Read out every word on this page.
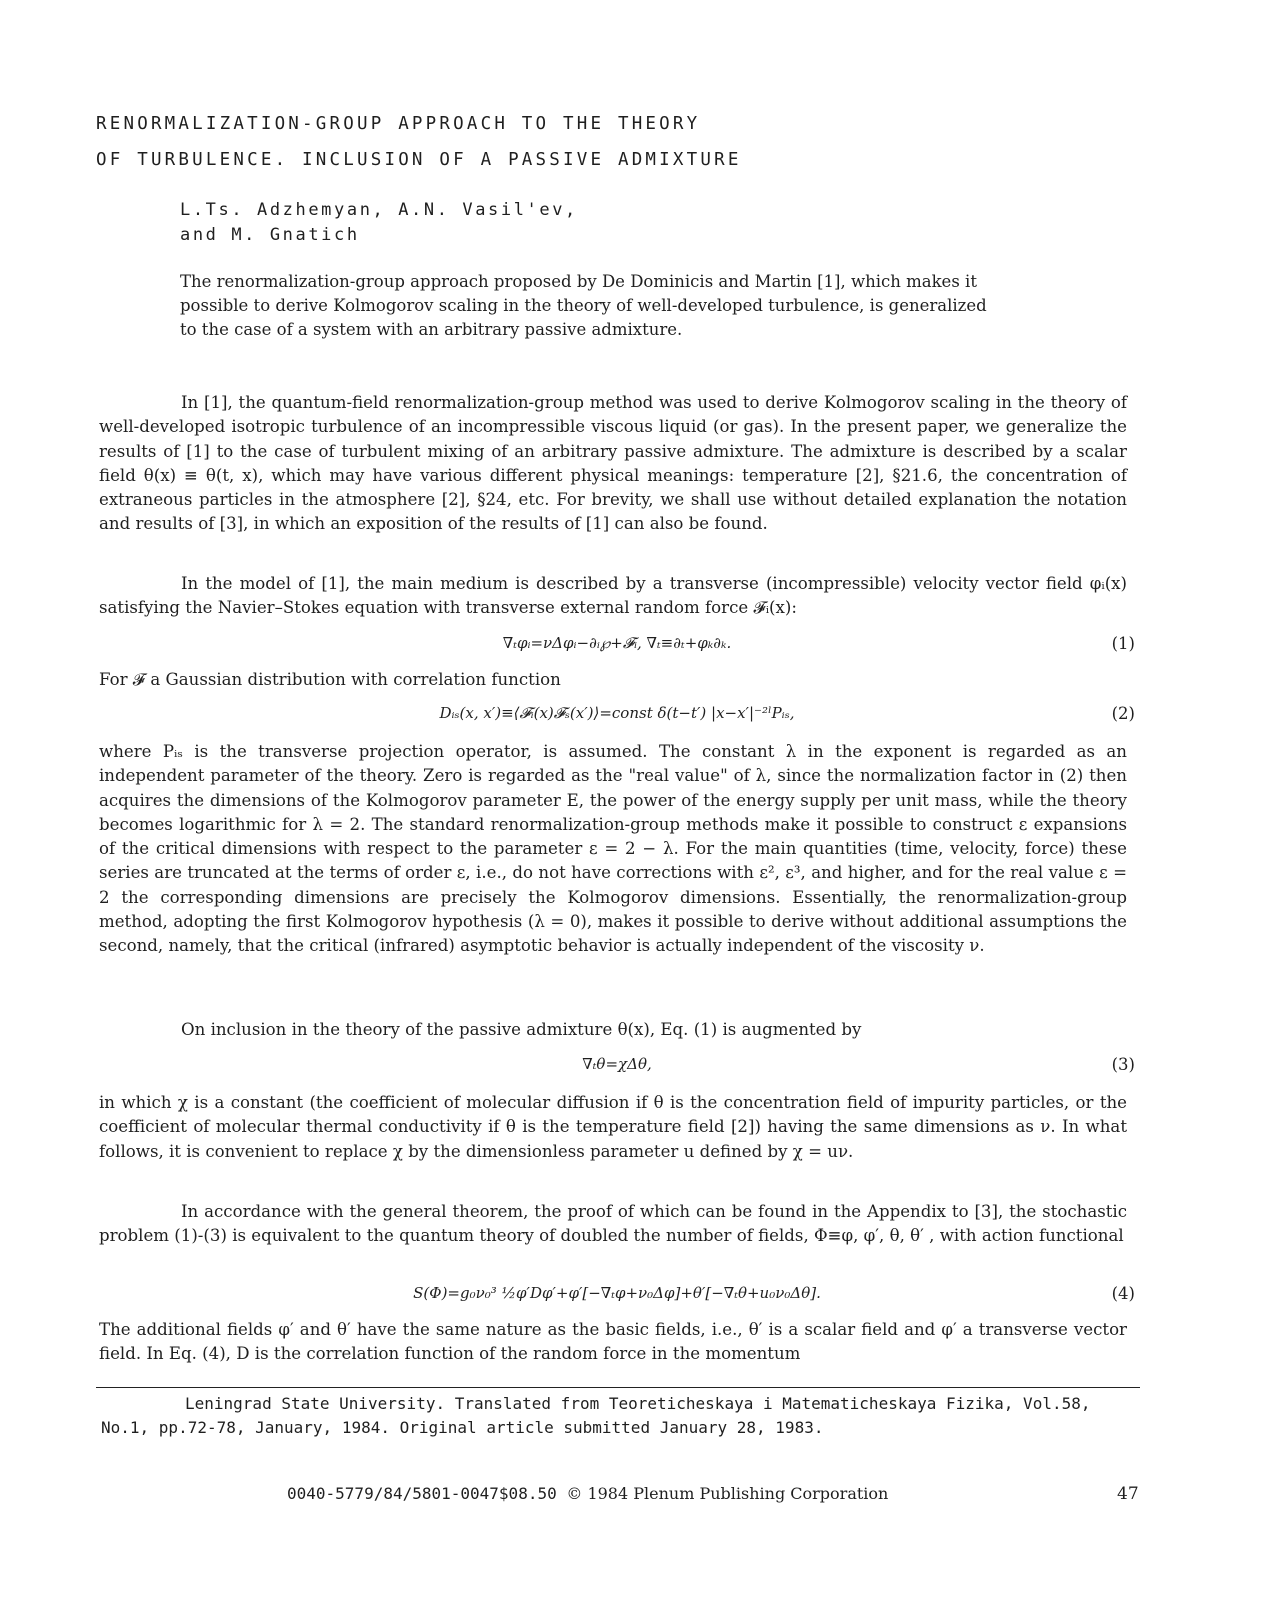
RENORMALIZATION-GROUP APPROACH TO THE THEORY
OF TURBULENCE. INCLUSION OF A PASSIVE ADMIXTURE
L.Ts. Adzhemyan, A.N. Vasil'ev,
and M. Gnatich

The renormalization-group approach proposed by De Dominicis and Martin [1], which makes it possible to derive Kolmogorov scaling in the theory of well-developed turbulence, is generalized to the case of a system with an arbitrary passive admixture.

In [1], the quantum-field renormalization-group method was used to derive Kolmogorov scaling in the theory of well-developed isotropic turbulence of an incompressible viscous liquid (or gas). In the present paper, we generalize the results of [1] to the case of turbulent mixing of an arbitrary passive admixture. The admixture is described by a scalar field θ(x) ≡ θ(t, x), which may have various different physical meanings: temperature [2], §21.6, the concentration of extraneous particles in the atmosphere [2], §24, etc. For brevity, we shall use without detailed explanation the notation and results of [3], in which an exposition of the results of [1] can also be found.

In the model of [1], the main medium is described by a transverse (incompressible) velocity vector field φᵢ(x) satisfying the Navier–Stokes equation with transverse external random force 𝓕ᵢ(x):

∇ₜφᵢ=νΔφᵢ−∂ᵢ℘+𝓕ᵢ, ∇ₜ≡∂ₜ+φₖ∂ₖ.	(1)

For 𝓕 a Gaussian distribution with correlation function

Dᵢₛ(x, x′)≡⟨𝓕ᵢ(x)𝓕ₛ(x′)⟩=const δ(t−t′) |x−x′|⁻²ˡPᵢₛ,	(2)

where Pᵢₛ is the transverse projection operator, is assumed. The constant λ in the exponent is regarded as an independent parameter of the theory. Zero is regarded as the "real value" of λ, since the normalization factor in (2) then acquires the dimensions of the Kolmogorov parameter E, the power of the energy supply per unit mass, while the theory becomes logarithmic for λ = 2. The standard renormalization-group methods make it possible to construct ε expansions of the critical dimensions with respect to the parameter ε = 2 − λ. For the main quantities (time, velocity, force) these series are truncated at the terms of order ε, i.e., do not have corrections with ε², ε³, and higher, and for the real value ε = 2 the corresponding dimensions are precisely the Kolmogorov dimensions. Essentially, the renormalization-group method, adopting the first Kolmogorov hypothesis (λ = 0), makes it possible to derive without additional assumptions the second, namely, that the critical (infrared) asymptotic behavior is actually independent of the viscosity ν.

On inclusion in the theory of the passive admixture θ(x), Eq. (1) is augmented by

∇ₜθ=χΔθ,	(3)

in which χ is a constant (the coefficient of molecular diffusion if θ is the concentration field of impurity particles, or the coefficient of molecular thermal conductivity if θ is the temperature field [2]) having the same dimensions as ν. In what follows, it is convenient to replace χ by the dimensionless parameter u defined by χ = uν.

In accordance with the general theorem, the proof of which can be found in the Appendix to [3], the stochastic problem (1)-(3) is equivalent to the quantum theory of doubled the number of fields, Φ≡φ, φ′, θ, θ′ , with action functional

S(Φ)=g₀ν₀³ ½φ′Dφ′+φ′[−∇ₜφ+ν₀Δφ]+θ′[−∇ₜθ+u₀ν₀Δθ].	(4)

The additional fields φ′ and θ′ have the same nature as the basic fields, i.e., θ′ is a scalar field and φ′ a transverse vector field. In Eq. (4), D is the correlation function of the random force in the momentum

Leningrad State University. Translated from Teoreticheskaya i Matematicheskaya Fizika, Vol.58, No.1, pp.72-78, January, 1984. Original article submitted January 28, 1983.

0040-5779/84/5801-0047$08.50 © 1984 Plenum Publishing Corporation	47
